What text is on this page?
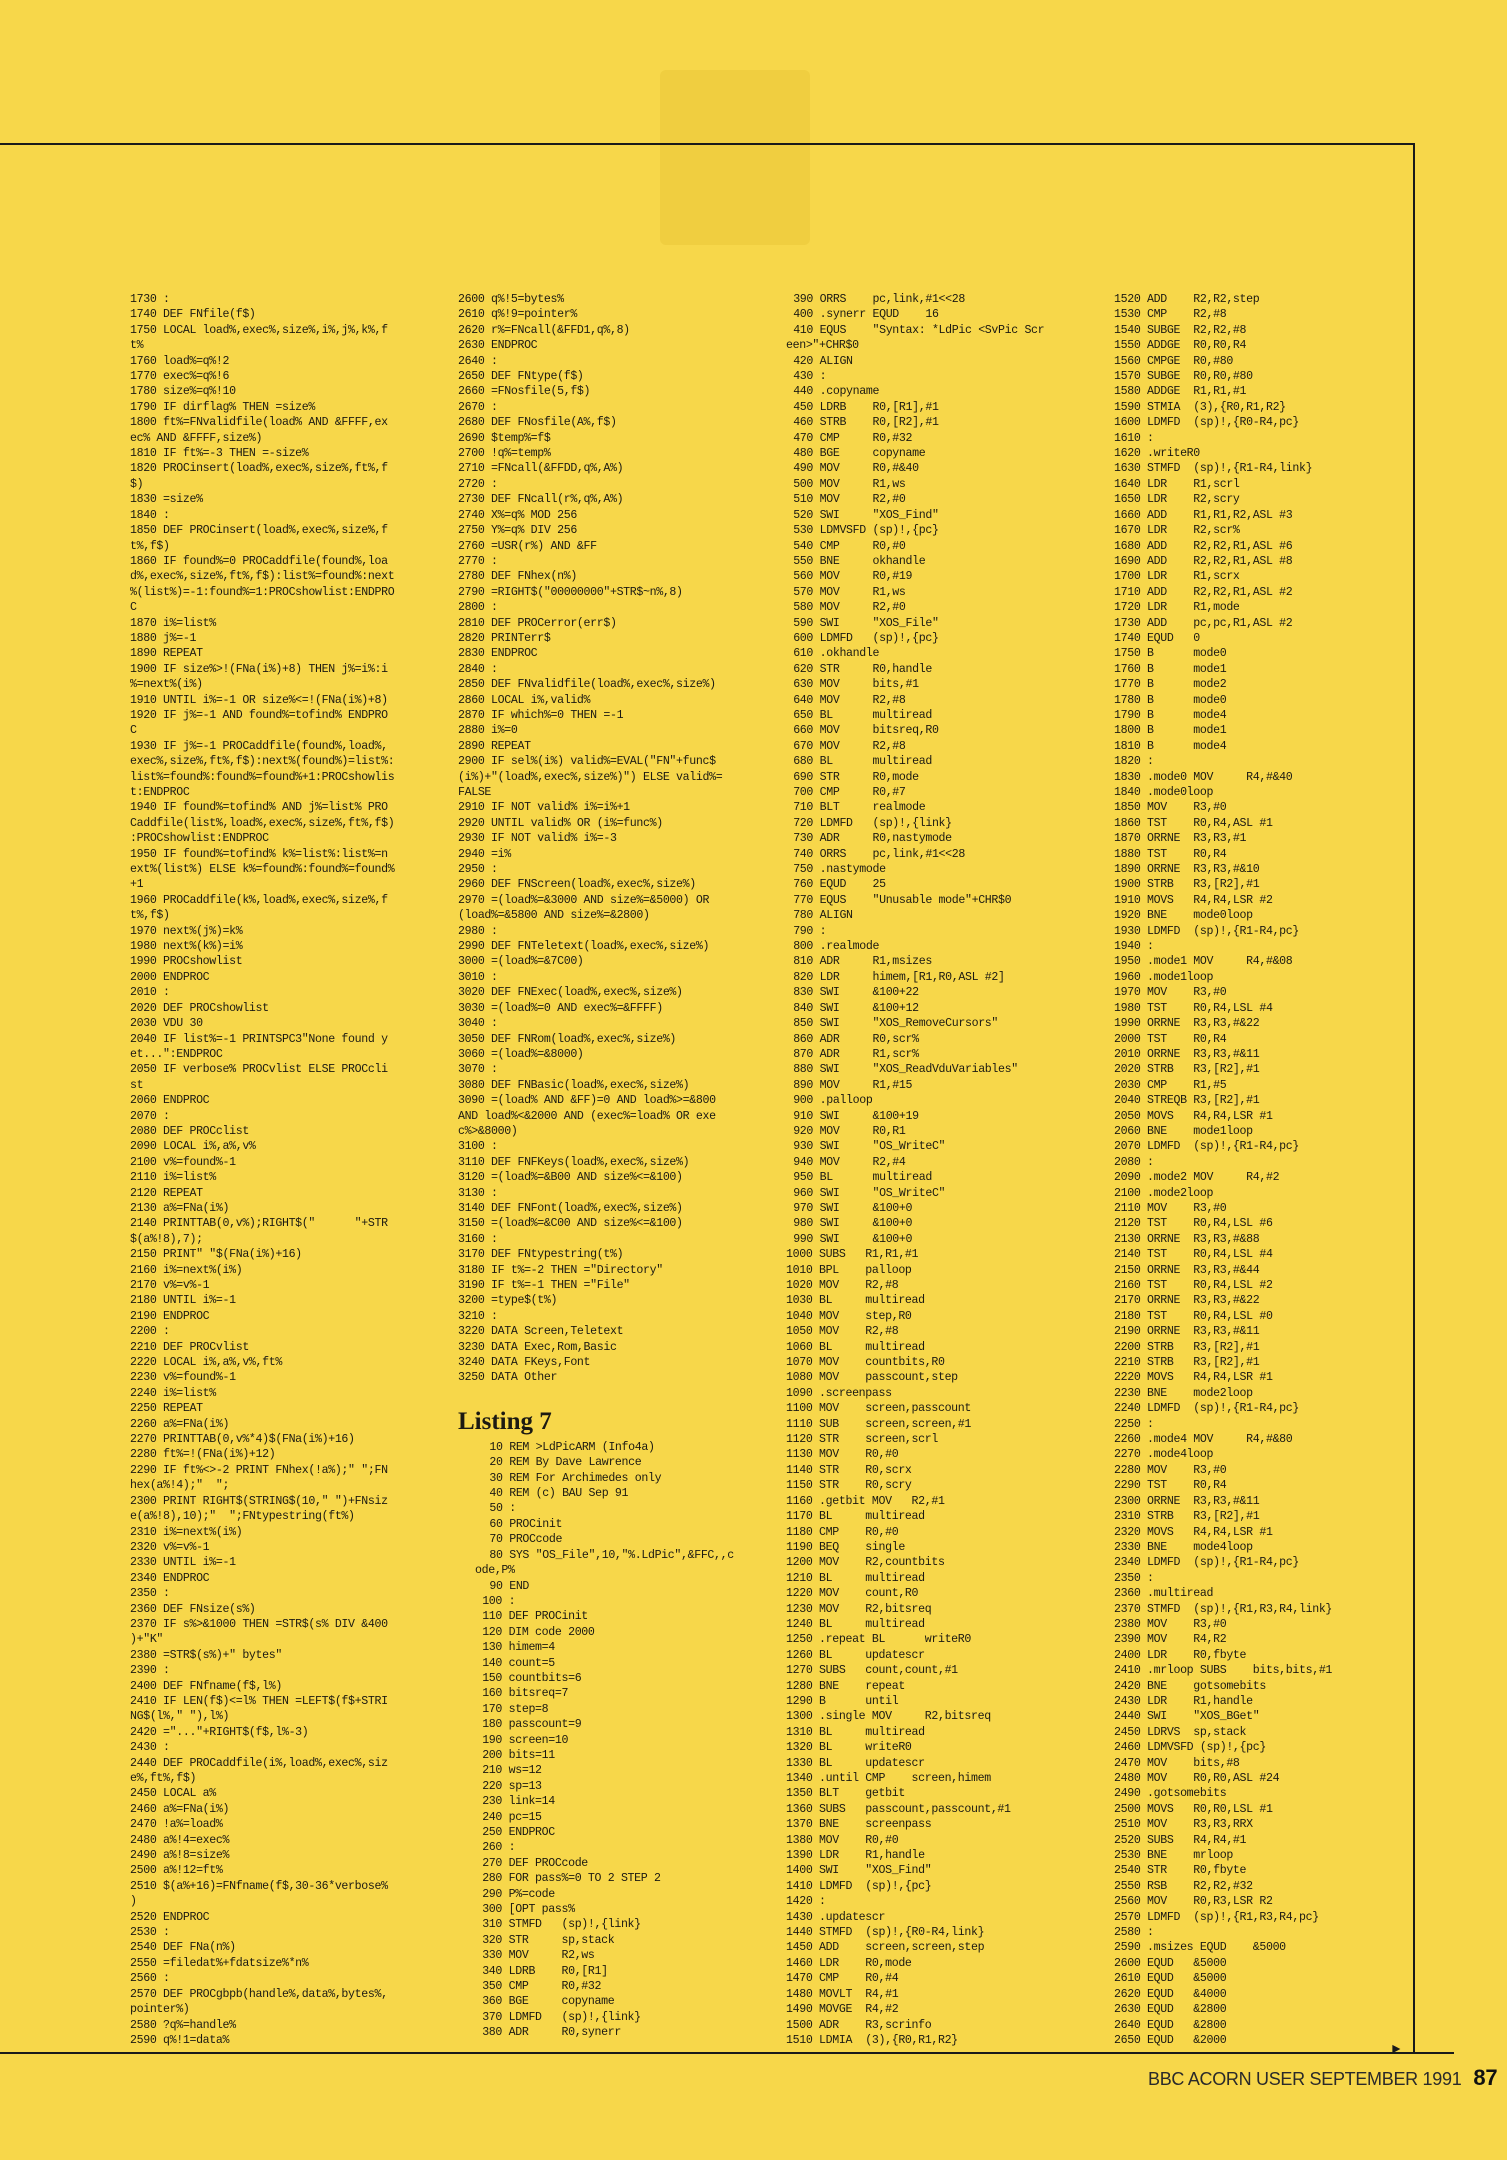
►
1730 :
1740 DEF FNfile(f$)
1750 LOCAL load%,exec%,size%,i%,j%,k%,f
t%
1760 load%=q%!2
1770 exec%=q%!6
1780 size%=q%!10
1790 IF dirflag% THEN =size%
1800 ft%=FNvalidfile(load% AND &FFFF,ex
ec% AND &FFFF,size%)
1810 IF ft%=-3 THEN =-size%
1820 PROCinsert(load%,exec%,size%,ft%,f
$)
1830 =size%
1840 :
1850 DEF PROCinsert(load%,exec%,size%,f
t%,f$)
1860 IF found%=0 PROCaddfile(found%,loa
d%,exec%,size%,ft%,f$):list%=found%:next
%(list%)=-1:found%=1:PROCshowlist:ENDPRO
C
1870 i%=list%
1880 j%=-1
1890 REPEAT
1900 IF size%>!(FNa(i%)+8) THEN j%=i%:i
%=next%(i%)
1910 UNTIL i%=-1 OR size%<=!(FNa(i%)+8)
1920 IF j%=-1 AND found%=tofind% ENDPRO
C
1930 IF j%=-1 PROCaddfile(found%,load%,
exec%,size%,ft%,f$):next%(found%)=list%:
list%=found%:found%=found%+1:PROCshowlis
t:ENDPROC
1940 IF found%=tofind% AND j%=list% PRO
Caddfile(list%,load%,exec%,size%,ft%,f$)
:PROCshowlist:ENDPROC
1950 IF found%=tofind% k%=list%:list%=n
ext%(list%) ELSE k%=found%:found%=found%
+1
1960 PROCaddfile(k%,load%,exec%,size%,f
t%,f$)
1970 next%(j%)=k%
1980 next%(k%)=i%
1990 PROCshowlist
2000 ENDPROC
2010 :
2020 DEF PROCshowlist
2030 VDU 30
2040 IF list%=-1 PRINTSPC3"None found y
et...":ENDPROC
2050 IF verbose% PROCvlist ELSE PROCcli
st
2060 ENDPROC
2070 :
2080 DEF PROCclist
2090 LOCAL i%,a%,v%
2100 v%=found%-1
2110 i%=list%
2120 REPEAT
2130 a%=FNa(i%)
2140 PRINTTAB(0,v%);RIGHT$("      "+STR
$(a%!8),7);
2150 PRINT" "$(FNa(i%)+16)
2160 i%=next%(i%)
2170 v%=v%-1
2180 UNTIL i%=-1
2190 ENDPROC
2200 :
2210 DEF PROCvlist
2220 LOCAL i%,a%,v%,ft%
2230 v%=found%-1
2240 i%=list%
2250 REPEAT
2260 a%=FNa(i%)
2270 PRINTTAB(0,v%*4)$(FNa(i%)+16)
2280 ft%=!(FNa(i%)+12)
2290 IF ft%<>-2 PRINT FNhex(!a%);" ";FN
hex(a%!4);"  ";
2300 PRINT RIGHT$(STRING$(10," ")+FNsiz
e(a%!8),10);"  ";FNtypestring(ft%)
2310 i%=next%(i%)
2320 v%=v%-1
2330 UNTIL i%=-1
2340 ENDPROC
2350 :
2360 DEF FNsize(s%)
2370 IF s%>&1000 THEN =STR$(s% DIV &400
)+"K"
2380 =STR$(s%)+" bytes"
2390 :
2400 DEF FNfname(f$,l%)
2410 IF LEN(f$)<=l% THEN =LEFT$(f$+STRI
NG$(l%," "),l%)
2420 ="..."+RIGHT$(f$,l%-3)
2430 :
2440 DEF PROCaddfile(i%,load%,exec%,siz
e%,ft%,f$)
2450 LOCAL a%
2460 a%=FNa(i%)
2470 !a%=load%
2480 a%!4=exec%
2490 a%!8=size%
2500 a%!12=ft%
2510 $(a%+16)=FNfname(f$,30-36*verbose%
)
2520 ENDPROC
2530 :
2540 DEF FNa(n%)
2550 =filedat%+fdatsize%*n%
2560 :
2570 DEF PROCgbpb(handle%,data%,bytes%,
pointer%)
2580 ?q%=handle%
2590 q%!1=data%
2600 q%!5=bytes%
2610 q%!9=pointer%
2620 r%=FNcall(&FFD1,q%,8)
2630 ENDPROC
2640 :
2650 DEF FNtype(f$)
2660 =FNosfile(5,f$)
2670 :
2680 DEF FNosfile(A%,f$)
2690 $temp%=f$
2700 !q%=temp%
2710 =FNcall(&FFDD,q%,A%)
2720 :
2730 DEF FNcall(r%,q%,A%)
2740 X%=q% MOD 256
2750 Y%=q% DIV 256
2760 =USR(r%) AND &FF
2770 :
2780 DEF FNhex(n%)
2790 =RIGHT$("00000000"+STR$~n%,8)
2800 :
2810 DEF PROCerror(err$)
2820 PRINTerr$
2830 ENDPROC
2840 :
2850 DEF FNvalidfile(load%,exec%,size%)
2860 LOCAL i%,valid%
2870 IF which%=0 THEN =-1
2880 i%=0
2890 REPEAT
2900 IF sel%(i%) valid%=EVAL("FN"+func$
(i%)+"(load%,exec%,size%)") ELSE valid%=
FALSE
2910 IF NOT valid% i%=i%+1
2920 UNTIL valid% OR (i%=func%)
2930 IF NOT valid% i%=-3
2940 =i%
2950 :
2960 DEF FNScreen(load%,exec%,size%)
2970 =(load%=&3000 AND size%=&5000) OR
(load%=&5800 AND size%=&2800)
2980 :
2990 DEF FNTeletext(load%,exec%,size%)
3000 =(load%=&7C00)
3010 :
3020 DEF FNExec(load%,exec%,size%)
3030 =(load%=0 AND exec%=&FFFF)
3040 :
3050 DEF FNRom(load%,exec%,size%)
3060 =(load%=&8000)
3070 :
3080 DEF FNBasic(load%,exec%,size%)
3090 =(load% AND &FF)=0 AND load%>=&800
AND load%<&2000 AND (exec%=load% OR exe
c%>&8000)
3100 :
3110 DEF FNFKeys(load%,exec%,size%)
3120 =(load%=&B00 AND size%<=&100)
3130 :
3140 DEF FNFont(load%,exec%,size%)
3150 =(load%=&C00 AND size%<=&100)
3160 :
3170 DEF FNtypestring(t%)
3180 IF t%=-2 THEN ="Directory"
3190 IF t%=-1 THEN ="File"
3200 =type$(t%)
3210 :
3220 DATA Screen,Teletext
3230 DATA Exec,Rom,Basic
3240 DATA FKeys,Font
3250 DATA Other
Listing 7
10 REM >LdPicARM (Info4a)
20 REM By Dave Lawrence
30 REM For Archimedes only
40 REM (c) BAU Sep 91
50 :
60 PROCinit
70 PROCcode
80 SYS "OS_File",10,"%.LdPic",&FFC,,c
ode,P%
90 END
100 :
110 DEF PROCinit
120 DIM code 2000
130 himem=4
140 count=5
150 countbits=6
160 bitsreq=7
170 step=8
180 passcount=9
190 screen=10
200 bits=11
210 ws=12
220 sp=13
230 link=14
240 pc=15
250 ENDPROC
260 :
270 DEF PROCcode
280 FOR pass%=0 TO 2 STEP 2
290 P%=code
300 [OPT pass%
310 STMFD   (sp)!,{link}
320 STR     sp,stack
330 MOV     R2,ws
340 LDRB    R0,[R1]
350 CMP     R0,#32
360 BGE     copyname
370 LDMFD   (sp)!,{link}
380 ADR     R0,synerr
390 ORRS    pc,link,#1<<28
400 .synerr EQUD    16
410 EQUS    "Syntax: *LdPic <SvPic Scr
een>"+CHR$0
420 ALIGN
430 :
440 .copyname
450 LDRB    R0,[R1],#1
460 STRB    R0,[R2],#1
470 CMP     R0,#32
480 BGE     copyname
490 MOV     R0,#&40
500 MOV     R1,ws
510 MOV     R2,#0
520 SWI     "XOS_Find"
530 LDMVSFD (sp)!,{pc}
540 CMP     R0,#0
550 BNE     okhandle
560 MOV     R0,#19
570 MOV     R1,ws
580 MOV     R2,#0
590 SWI     "XOS_File"
600 LDMFD   (sp)!,{pc}
610 .okhandle
620 STR     R0,handle
630 MOV     bits,#1
640 MOV     R2,#8
650 BL      multiread
660 MOV     bitsreq,R0
670 MOV     R2,#8
680 BL      multiread
690 STR     R0,mode
700 CMP     R0,#7
710 BLT     realmode
720 LDMFD   (sp)!,{link}
730 ADR     R0,nastymode
740 ORRS    pc,link,#1<<28
750 .nastymode
760 EQUD    25
770 EQUS    "Unusable mode"+CHR$0
780 ALIGN
790 :
800 .realmode
810 ADR     R1,msizes
820 LDR     himem,[R1,R0,ASL #2]
830 SWI     &100+22
840 SWI     &100+12
850 SWI     "XOS_RemoveCursors"
860 ADR     R0,scr%
870 ADR     R1,scr%
880 SWI     "XOS_ReadVduVariables"
890 MOV     R1,#15
900 .palloop
910 SWI     &100+19
920 MOV     R0,R1
930 SWI     "OS_WriteC"
940 MOV     R2,#4
950 BL      multiread
960 SWI     "OS_WriteC"
970 SWI     &100+0
980 SWI     &100+0
990 SWI     &100+0
1000 SUBS   R1,R1,#1
1010 BPL    palloop
1020 MOV    R2,#8
1030 BL     multiread
1040 MOV    step,R0
1050 MOV    R2,#8
1060 BL     multiread
1070 MOV    countbits,R0
1080 MOV    passcount,step
1090 .screenpass
1100 MOV    screen,passcount
1110 SUB    screen,screen,#1
1120 STR    screen,scrl
1130 MOV    R0,#0
1140 STR    R0,scrx
1150 STR    R0,scry
1160 .getbit MOV   R2,#1
1170 BL     multiread
1180 CMP    R0,#0
1190 BEQ    single
1200 MOV    R2,countbits
1210 BL     multiread
1220 MOV    count,R0
1230 MOV    R2,bitsreq
1240 BL     multiread
1250 .repeat BL      writeR0
1260 BL     updatescr
1270 SUBS   count,count,#1
1280 BNE    repeat
1290 B      until
1300 .single MOV     R2,bitsreq
1310 BL     multiread
1320 BL     writeR0
1330 BL     updatescr
1340 .until CMP    screen,himem
1350 BLT    getbit
1360 SUBS   passcount,passcount,#1
1370 BNE    screenpass
1380 MOV    R0,#0
1390 LDR    R1,handle
1400 SWI    "XOS_Find"
1410 LDMFD  (sp)!,{pc}
1420 :
1430 .updatescr
1440 STMFD  (sp)!,{R0-R4,link}
1450 ADD    screen,screen,step
1460 LDR    R0,mode
1470 CMP    R0,#4
1480 MOVLT  R4,#1
1490 MOVGE  R4,#2
1500 ADR    R3,scrinfo
1510 LDMIA  (3),{R0,R1,R2}
1520 ADD    R2,R2,step
1530 CMP    R2,#8
1540 SUBGE  R2,R2,#8
1550 ADDGE  R0,R0,R4
1560 CMPGE  R0,#80
1570 SUBGE  R0,R0,#80
1580 ADDGE  R1,R1,#1
1590 STMIA  (3),{R0,R1,R2}
1600 LDMFD  (sp)!,{R0-R4,pc}
1610 :
1620 .writeR0
1630 STMFD  (sp)!,{R1-R4,link}
1640 LDR    R1,scrl
1650 LDR    R2,scry
1660 ADD    R1,R1,R2,ASL #3
1670 LDR    R2,scr%
1680 ADD    R2,R2,R1,ASL #6
1690 ADD    R2,R2,R1,ASL #8
1700 LDR    R1,scrx
1710 ADD    R2,R2,R1,ASL #2
1720 LDR    R1,mode
1730 ADD    pc,pc,R1,ASL #2
1740 EQUD   0
1750 B      mode0
1760 B      mode1
1770 B      mode2
1780 B      mode0
1790 B      mode4
1800 B      mode1
1810 B      mode4
1820 :
1830 .mode0 MOV     R4,#&40
1840 .mode0loop
1850 MOV    R3,#0
1860 TST    R0,R4,ASL #1
1870 ORRNE  R3,R3,#1
1880 TST    R0,R4
1890 ORRNE  R3,R3,#&10
1900 STRB   R3,[R2],#1
1910 MOVS   R4,R4,LSR #2
1920 BNE    mode0loop
1930 LDMFD  (sp)!,{R1-R4,pc}
1940 :
1950 .mode1 MOV     R4,#&08
1960 .mode1loop
1970 MOV    R3,#0
1980 TST    R0,R4,LSL #4
1990 ORRNE  R3,R3,#&22
2000 TST    R0,R4
2010 ORRNE  R3,R3,#&11
2020 STRB   R3,[R2],#1
2030 CMP    R1,#5
2040 STREQB R3,[R2],#1
2050 MOVS   R4,R4,LSR #1
2060 BNE    mode1loop
2070 LDMFD  (sp)!,{R1-R4,pc}
2080 :
2090 .mode2 MOV     R4,#2
2100 .mode2loop
2110 MOV    R3,#0
2120 TST    R0,R4,LSL #6
2130 ORRNE  R3,R3,#&88
2140 TST    R0,R4,LSL #4
2150 ORRNE  R3,R3,#&44
2160 TST    R0,R4,LSL #2
2170 ORRNE  R3,R3,#&22
2180 TST    R0,R4,LSL #0
2190 ORRNE  R3,R3,#&11
2200 STRB   R3,[R2],#1
2210 STRB   R3,[R2],#1
2220 MOVS   R4,R4,LSR #1
2230 BNE    mode2loop
2240 LDMFD  (sp)!,{R1-R4,pc}
2250 :
2260 .mode4 MOV     R4,#&80
2270 .mode4loop
2280 MOV    R3,#0
2290 TST    R0,R4
2300 ORRNE  R3,R3,#&11
2310 STRB   R3,[R2],#1
2320 MOVS   R4,R4,LSR #1
2330 BNE    mode4loop
2340 LDMFD  (sp)!,{R1-R4,pc}
2350 :
2360 .multiread
2370 STMFD  (sp)!,{R1,R3,R4,link}
2380 MOV    R3,#0
2390 MOV    R4,R2
2400 LDR    R0,fbyte
2410 .mrloop SUBS    bits,bits,#1
2420 BNE    gotsomebits
2430 LDR    R1,handle
2440 SWI    "XOS_BGet"
2450 LDRVS  sp,stack
2460 LDMVSFD (sp)!,{pc}
2470 MOV    bits,#8
2480 MOV    R0,R0,ASL #24
2490 .gotsomebits
2500 MOVS   R0,R0,LSL #1
2510 MOV    R3,R3,RRX
2520 SUBS   R4,R4,#1
2530 BNE    mrloop
2540 STR    R0,fbyte
2550 RSB    R2,R2,#32
2560 MOV    R0,R3,LSR R2
2570 LDMFD  (sp)!,{R1,R3,R4,pc}
2580 :
2590 .msizes EQUD    &5000
2600 EQUD   &5000
2610 EQUD   &5000
2620 EQUD   &4000
2630 EQUD   &2800
2640 EQUD   &2800
2650 EQUD   &2000
BBC ACORN USER SEPTEMBER 1991 87
